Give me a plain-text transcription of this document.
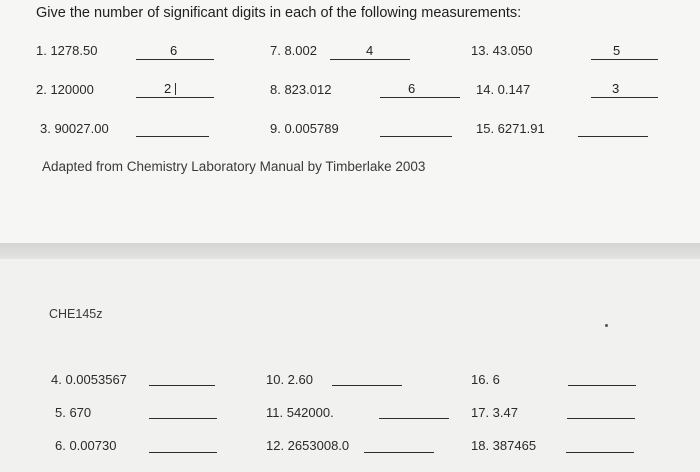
Give the number of significant digits in each of the following measurements:
1. 1278.50	6	7. 8.002	4	13. 43.050	5
2. 120000	2	8. 823.012	6	14. 0.147	3
3. 90027.00	9. 0.005789	15. 6271.91
Adapted from Chemistry Laboratory Manual by Timberlake 2003
CHE145z
4. 0.0053567	10. 2.60	16. 6
5. 670	11. 542000.	17. 3.47
6. 0.00730	12. 2653008.0	18. 387465
